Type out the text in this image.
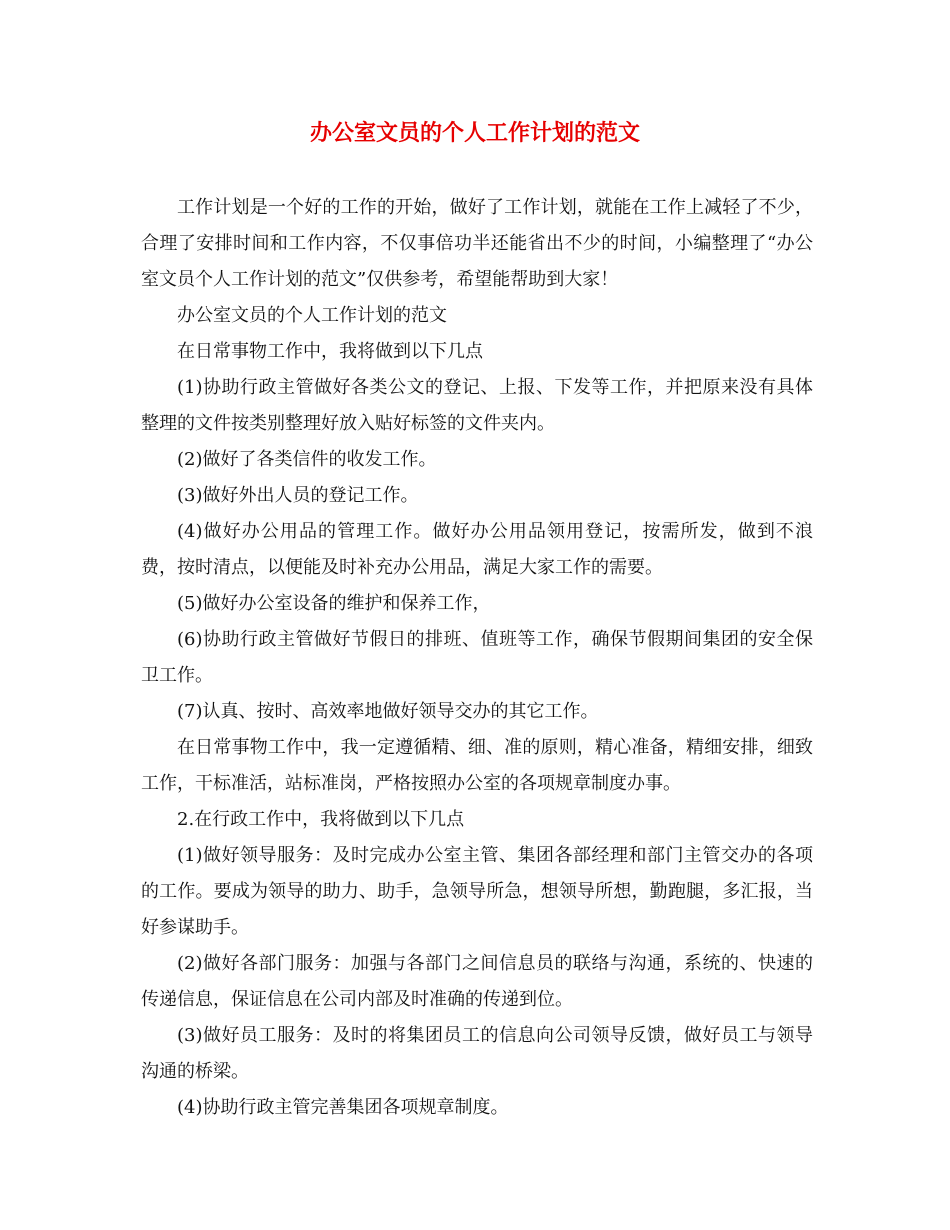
办公室文员的个人工作计划的范文

工作计划是一个好的工作的开始，做好了工作计划，就能在工作上减轻了不少，合理了安排时间和工作内容，不仅事倍功半还能省出不少的时间，小编整理了“办公室文员个人工作计划的范文”仅供参考，希望能帮助到大家！

办公室文员的个人工作计划的范文

在日常事物工作中，我将做到以下几点

(1)协助行政主管做好各类公文的登记、上报、下发等工作，并把原来没有具体整理的文件按类别整理好放入贴好标签的文件夹内。

(2)做好了各类信件的收发工作。

(3)做好外出人员的登记工作。

(4)做好办公用品的管理工作。做好办公用品领用登记，按需所发，做到不浪费，按时清点，以便能及时补充办公用品，满足大家工作的需要。

(5)做好办公室设备的维护和保养工作，

(6)协助行政主管做好节假日的排班、值班等工作，确保节假期间集团的安全保卫工作。

(7)认真、按时、高效率地做好领导交办的其它工作。

在日常事物工作中，我一定遵循精、细、准的原则，精心准备，精细安排，细致工作，干标准活，站标准岗，严格按照办公室的各项规章制度办事。

2.在行政工作中，我将做到以下几点

(1)做好领导服务：及时完成办公室主管、集团各部经理和部门主管交办的各项的工作。要成为领导的助力、助手，急领导所急，想领导所想，勤跑腿，多汇报，当好参谋助手。

(2)做好各部门服务：加强与各部门之间信息员的联络与沟通，系统的、快速的传递信息，保证信息在公司内部及时准确的传递到位。

(3)做好员工服务：及时的将集团员工的信息向公司领导反馈，做好员工与领导沟通的桥梁。

(4)协助行政主管完善集团各项规章制度。
